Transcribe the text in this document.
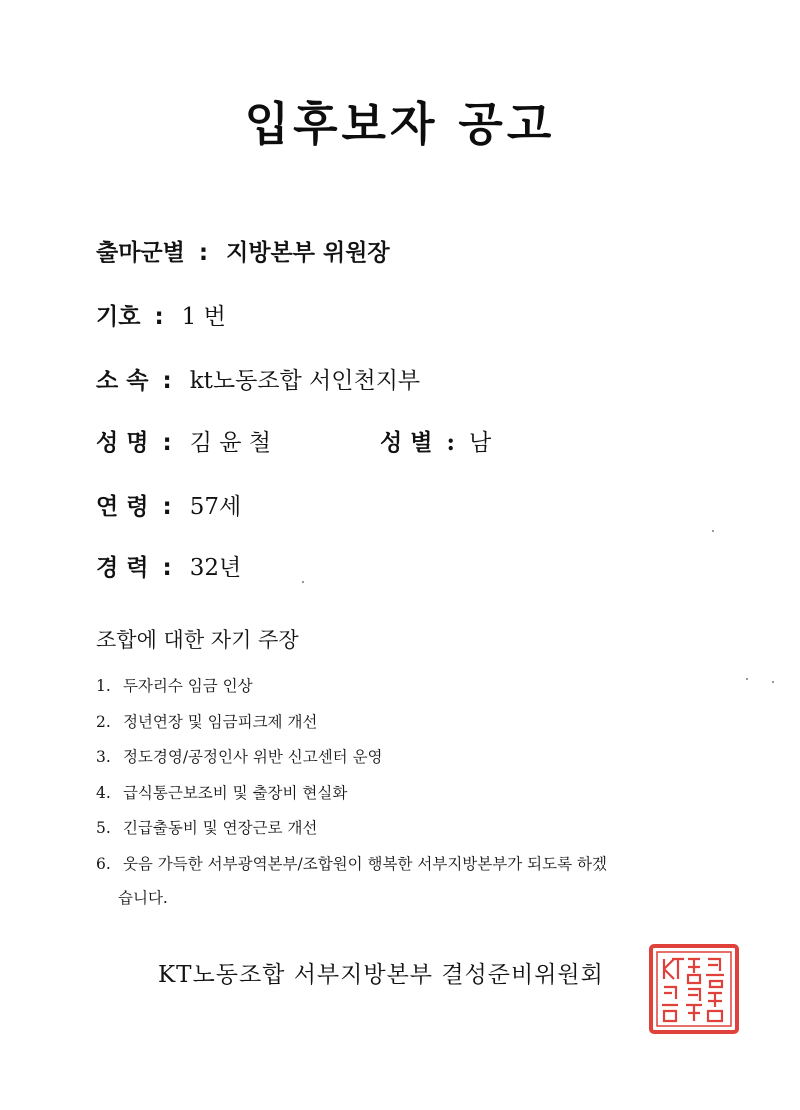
입후보자 공고
출마군별 : 지방본부 위원장
기호 : 1 번
소 속 : kt노동조합 서인천지부
성 명 : 김 윤 철	성 별 : 남
연 령 : 57세
경 력 : 32년
조합에 대한 자기 주장
1. 두자리수 임금 인상
2. 정년연장 및 임금피크제 개선
3. 정도경영/공정인사 위반 신고센터 운영
4. 급식통근보조비 및 출장비 현실화
5. 긴급출동비 및 연장근로 개선
6. 웃음 가득한 서부광역본부/조합원이 행복한 서부지방본부가 되도록 하겠
습니다.
KT노동조합 서부지방본부 결성준비위원회
